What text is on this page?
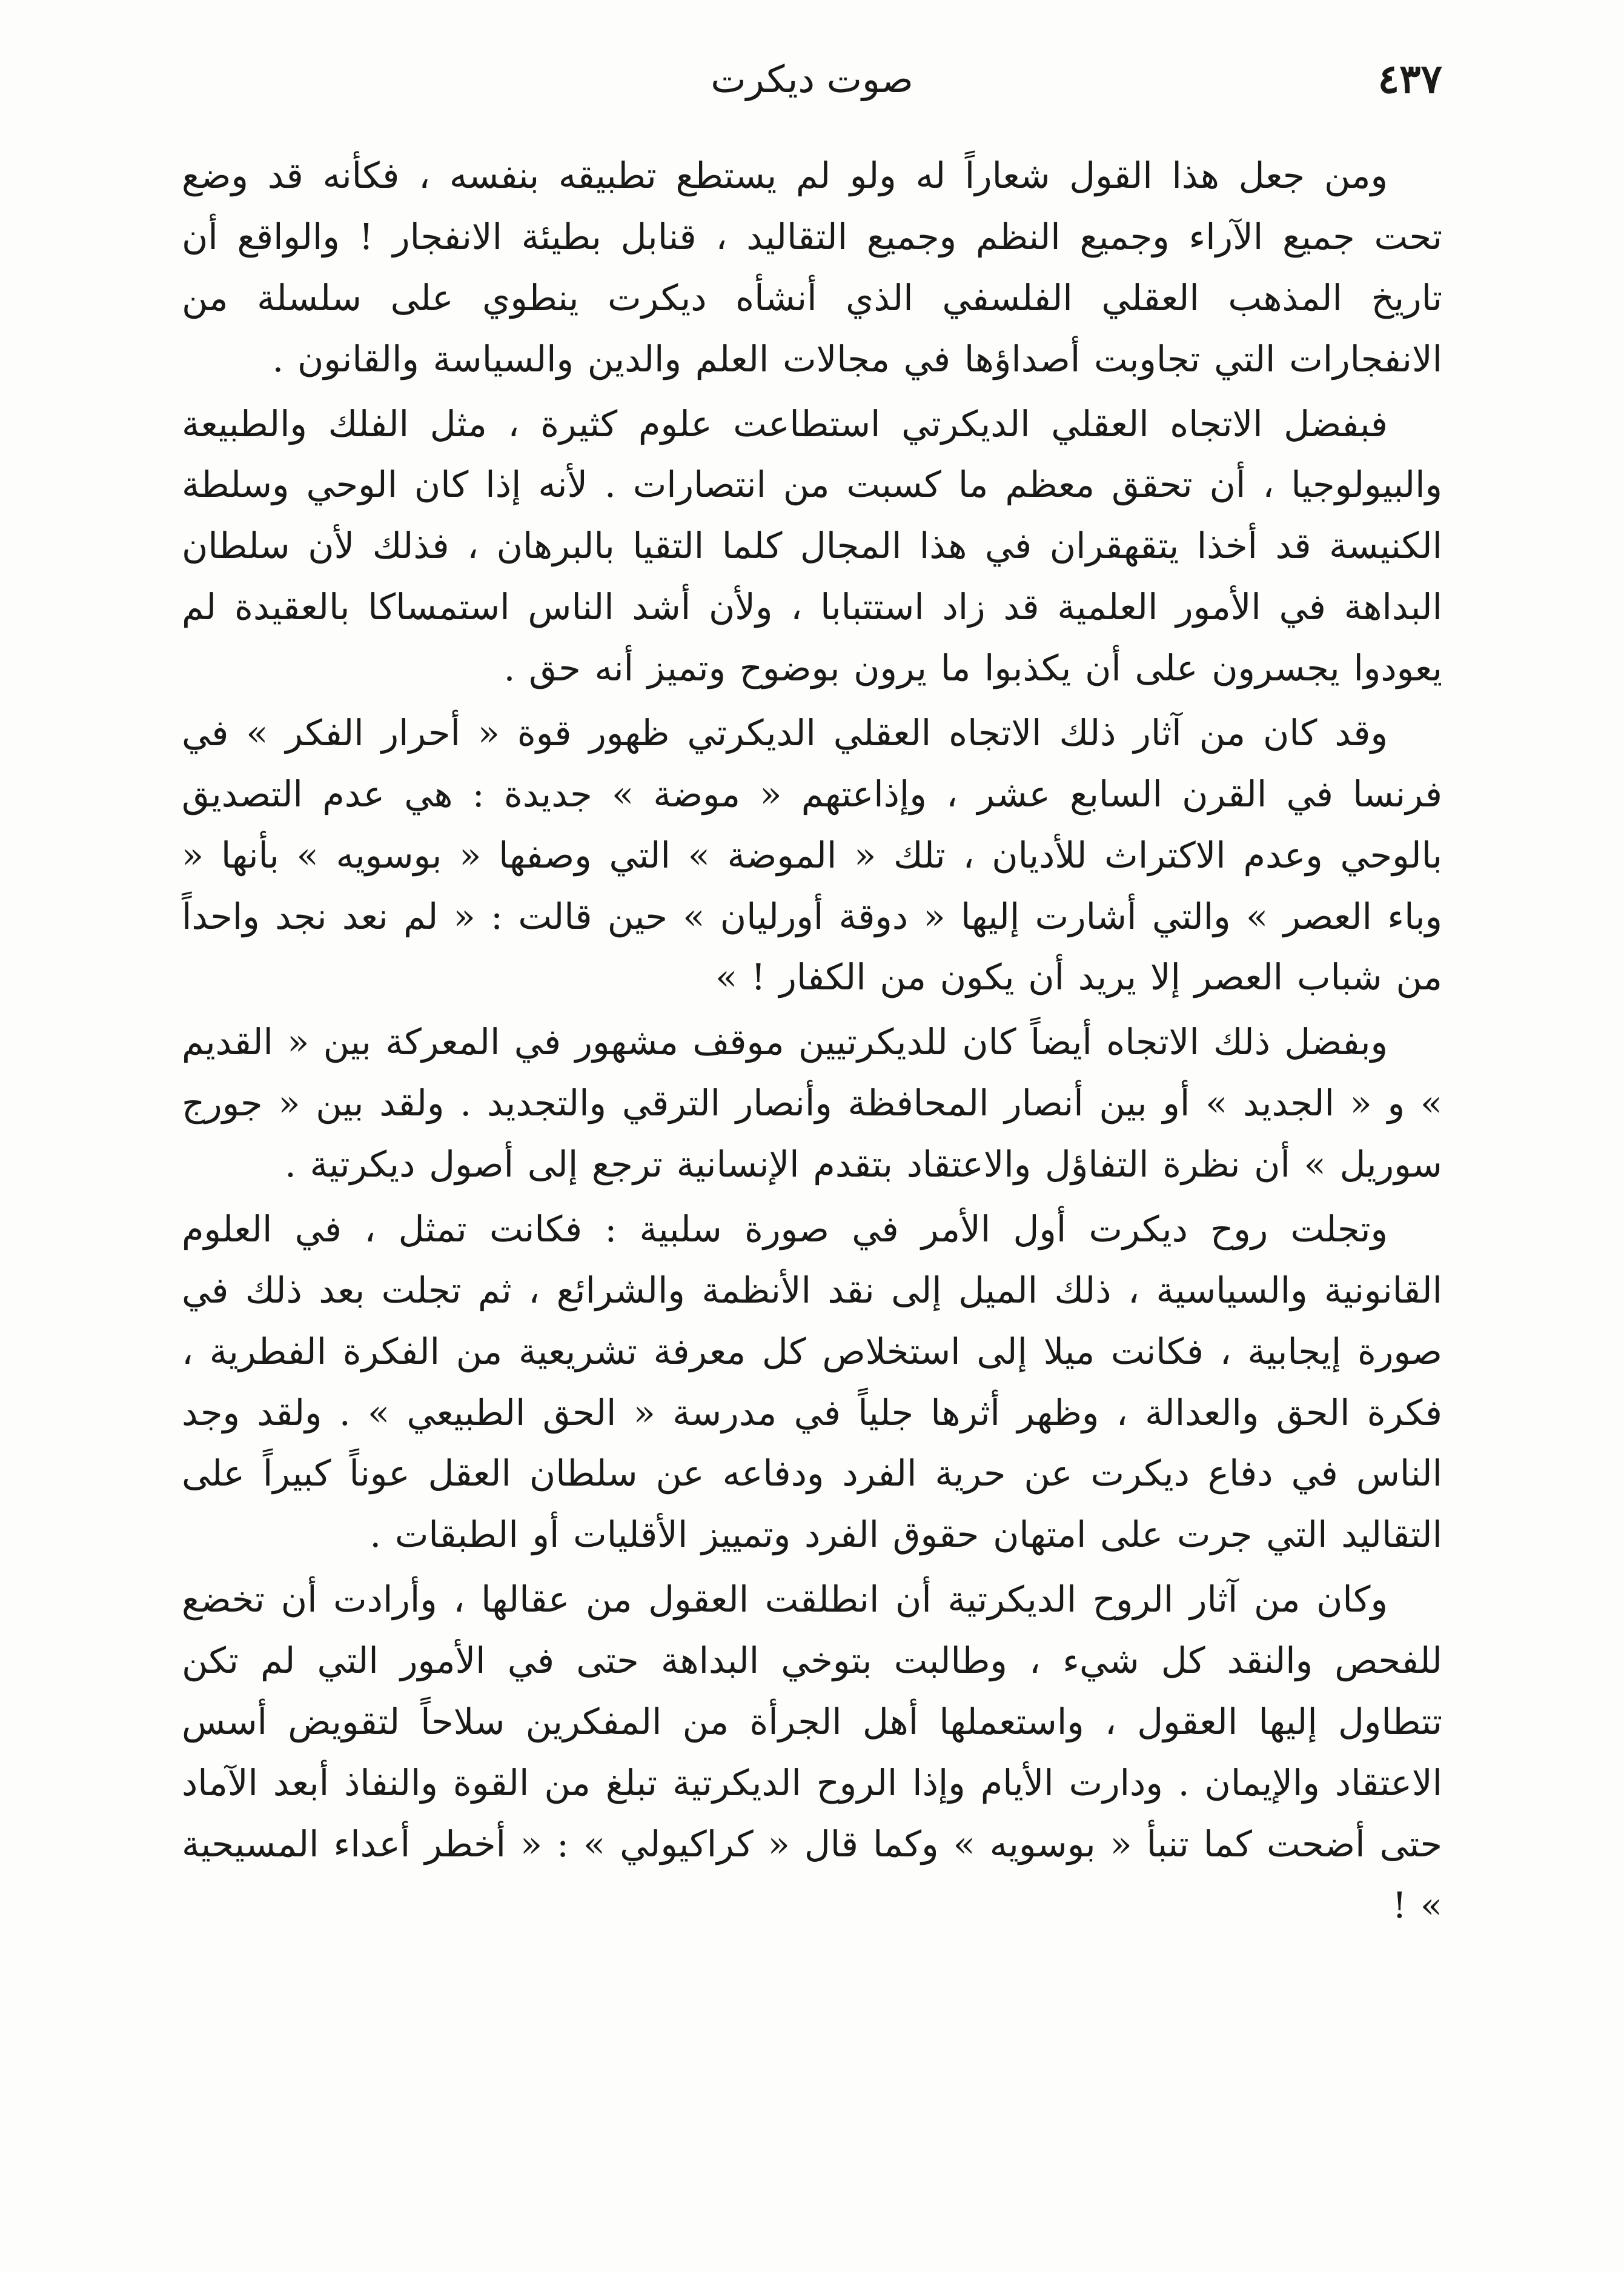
٤٣٧
صوت ديكرت

ومن جعل هذا القول شعاراً له ولو لم يستطع تطبيقه بنفسه ، فكأنه قد وضع تحت جميع الآراء وجميع النظم وجميع التقاليد ، قنابل بطيئة الانفجار ! والواقع أن تاريخ المذهب العقلي الفلسفي الذي أنشأه ديكرت ينطوي على سلسلة من الانفجارات التي تجاوبت أصداؤها في مجالات العلم والدين والسياسة والقانون .

فبفضل الاتجاه العقلي الديكرتي استطاعت علوم كثيرة ، مثل الفلك والطبيعة والبيولوجيا ، أن تحقق معظم ما كسبت من انتصارات . لأنه إذا كان الوحي وسلطة الكنيسة قد أخذا يتقهقران في هذا المجال كلما التقيا بالبرهان ، فذلك لأن سلطان البداهة في الأمور العلمية قد زاد استتبابا ، ولأن أشد الناس استمساكا بالعقيدة لم يعودوا يجسرون على أن يكذبوا ما يرون بوضوح وتميز أنه حق .

وقد كان من آثار ذلك الاتجاه العقلي الديكرتي ظهور قوة « أحرار الفكر » في فرنسا في القرن السابع عشر ، وإذاعتهم « موضة » جديدة : هي عدم التصديق بالوحي وعدم الاكتراث للأديان ، تلك « الموضة » التي وصفها « بوسويه » بأنها « وباء العصر » والتي أشارت إليها « دوقة أورليان » حين قالت : « لم نعد نجد واحداً من شباب العصر إلا يريد أن يكون من الكفار ! »

وبفضل ذلك الاتجاه أيضاً كان للديكرتيين موقف مشهور في المعركة بين « القديم » و « الجديد » أو بين أنصار المحافظة وأنصار الترقي والتجديد . ولقد بين « جورج سوريل » أن نظرة التفاؤل والاعتقاد بتقدم الإنسانية ترجع إلى أصول ديكرتية .

وتجلت روح ديكرت أول الأمر في صورة سلبية : فكانت تمثل ، في العلوم القانونية والسياسية ، ذلك الميل إلى نقد الأنظمة والشرائع ، ثم تجلت بعد ذلك في صورة إيجابية ، فكانت ميلا إلى استخلاص كل معرفة تشريعية من الفكرة الفطرية ، فكرة الحق والعدالة ، وظهر أثرها جلياً في مدرسة « الحق الطبيعي » . ولقد وجد الناس في دفاع ديكرت عن حرية الفرد ودفاعه عن سلطان العقل عوناً كبيراً على التقاليد التي جرت على امتهان حقوق الفرد وتمييز الأقليات أو الطبقات .

وكان من آثار الروح الديكرتية أن انطلقت العقول من عقالها ، وأرادت أن تخضع للفحص والنقد كل شيء ، وطالبت بتوخي البداهة حتى في الأمور التي لم تكن تتطاول إليها العقول ، واستعملها أهل الجرأة من المفكرين سلاحاً لتقويض أسس الاعتقاد والإيمان . ودارت الأيام وإذا الروح الديكرتية تبلغ من القوة والنفاذ أبعد الآماد حتى أضحت كما تنبأ « بوسويه » وكما قال « كراكيولي » : « أخطر أعداء المسيحية » !
